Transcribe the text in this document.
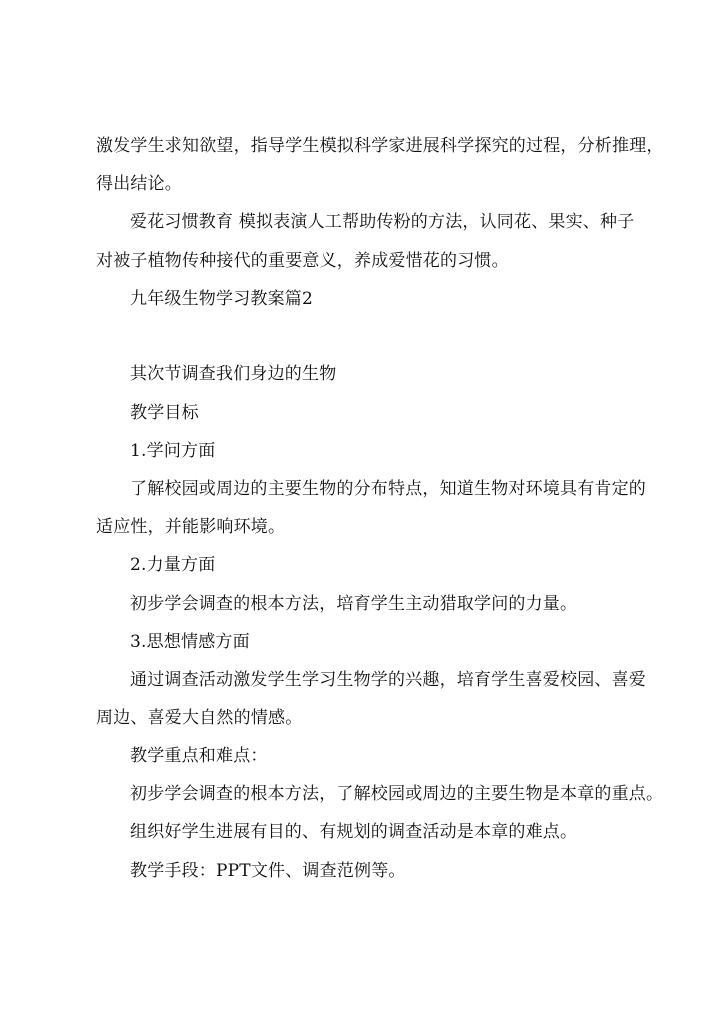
激发学生求知欲望，指导学生模拟科学家进展科学探究的过程，分析推理，
得出结论。
爱花习惯教育 模拟表演人工帮助传粉的方法，认同花、果实、种子
对被子植物传种接代的重要意义，养成爱惜花的习惯。
九年级生物学习教案篇2
其次节调查我们身边的生物
教学目标
1.学问方面
了解校园或周边的主要生物的分布特点，知道生物对环境具有肯定的
适应性，并能影响环境。
2.力量方面
初步学会调查的根本方法，培育学生主动猎取学问的力量。
3.思想情感方面
通过调查活动激发学生学习生物学的兴趣，培育学生喜爱校园、喜爱
周边、喜爱大自然的情感。
教学重点和难点：
初步学会调查的根本方法，了解校园或周边的主要生物是本章的重点。
组织好学生进展有目的、有规划的调查活动是本章的难点。
教学手段：PPT文件、调查范例等。
